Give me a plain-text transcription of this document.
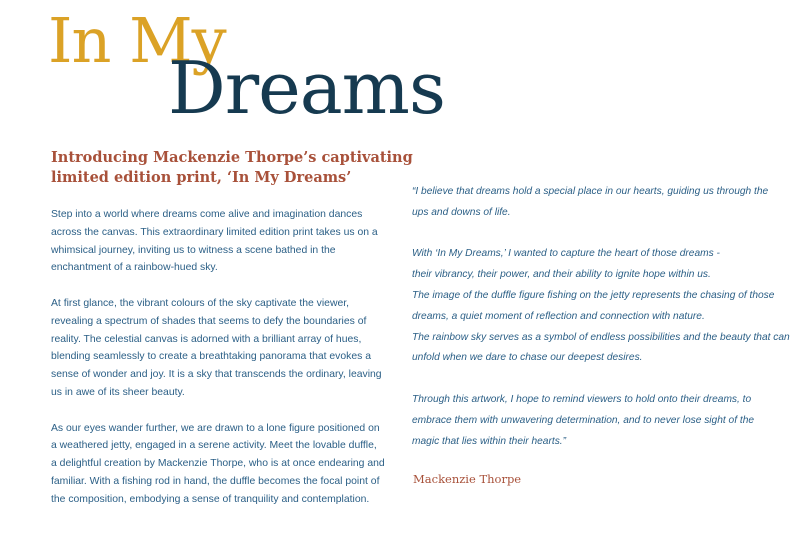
In My
Dreams
Introducing Mackenzie Thorpe’s captivating
limited edition print, ‘In My Dreams’

Step into a world where dreams come alive and imagination dances
across the canvas. This extraordinary limited edition print takes us on a
whimsical journey, inviting us to witness a scene bathed in the
enchantment of a rainbow-hued sky.

At first glance, the vibrant colours of the sky captivate the viewer,
revealing a spectrum of shades that seems to defy the boundaries of
reality. The celestial canvas is adorned with a brilliant array of hues,
blending seamlessly to create a breathtaking panorama that evokes a
sense of wonder and joy. It is a sky that transcends the ordinary, leaving
us in awe of its sheer beauty.

As our eyes wander further, we are drawn to a lone figure positioned on
a weathered jetty, engaged in a serene activity. Meet the lovable duffle,
a delightful creation by Mackenzie Thorpe, who is at once endearing and
familiar. With a fishing rod in hand, the duffle becomes the focal point of
the composition, embodying a sense of tranquility and contemplation.

“I believe that dreams hold a special place in our hearts, guiding us through the
ups and downs of life.

With ‘In My Dreams,’ I wanted to capture the heart of those dreams -
their vibrancy, their power, and their ability to ignite hope within us.
The image of the duffle figure fishing on the jetty represents the chasing of those
dreams, a quiet moment of reflection and connection with nature.
The rainbow sky serves as a symbol of endless possibilities and the beauty that can
unfold when we dare to chase our deepest desires.

Through this artwork, I hope to remind viewers to hold onto their dreams, to
embrace them with unwavering determination, and to never lose sight of the
magic that lies within their hearts.”

Mackenzie Thorpe
